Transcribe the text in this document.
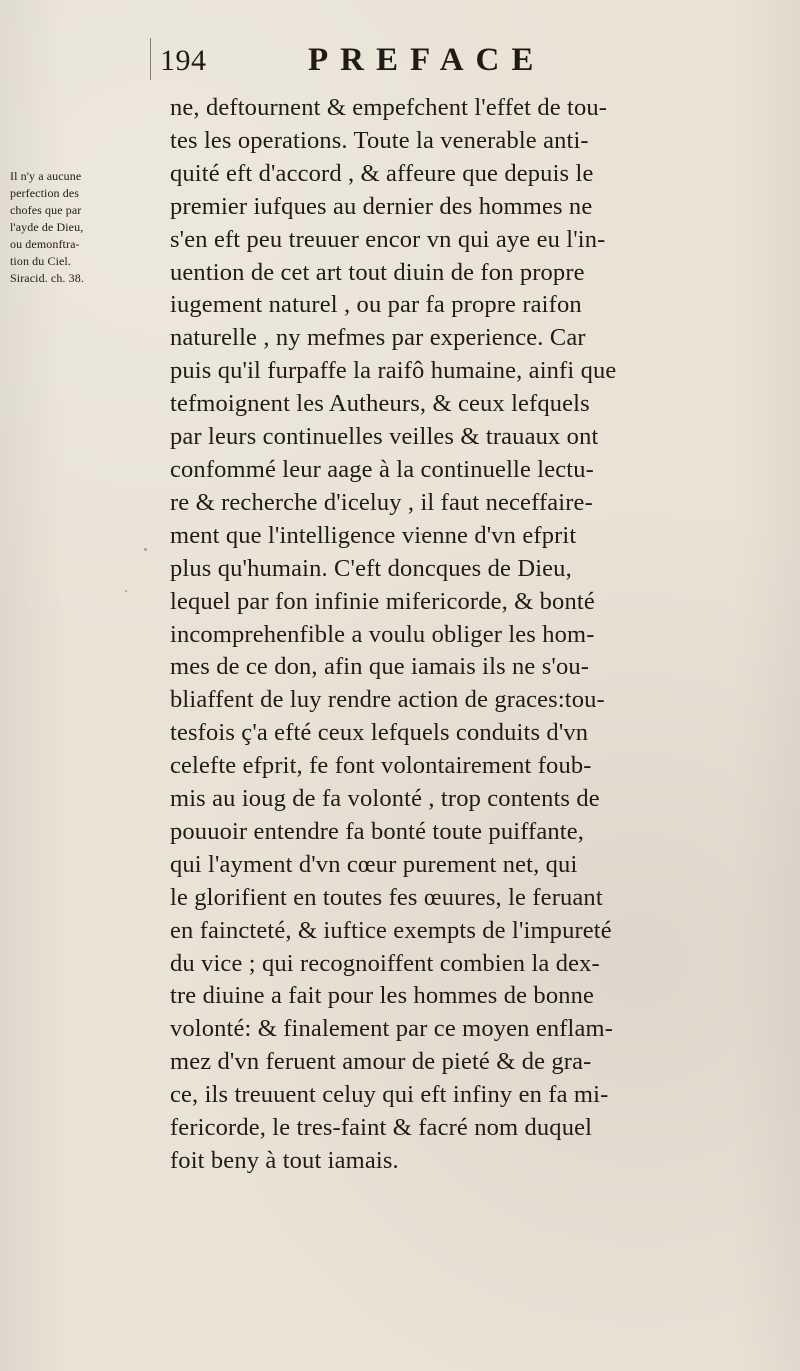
194	PREFACE
Il n'y a aucune
perfection des
chofes que par
l'ayde de Dieu,
ou demonftra-
tion du Ciel.
Siracid. ch. 38.
ne, deftournent & empefchent l'effet de tou-
tes les operations. Toute la venerable anti-
quité eft d'accord , & affeure que depuis le
premier iufques au dernier des hommes ne
s'en eft peu treuuer encor vn qui aye eu l'in-
uention de cet art tout diuin de fon propre
iugement naturel , ou par fa propre raifon
naturelle , ny mefmes par experience. Car
puis qu'il furpaffe la raifô humaine, ainfi que
tefmoignent les Autheurs, & ceux lefquels
par leurs continuelles veilles & trauaux ont
confommé leur aage à la continuelle lectu-
re & recherche d'iceluy , il faut neceffaire-
ment que l'intelligence vienne d'vn efprit
plus qu'humain. C'eft doncques de Dieu,
lequel par fon infinie mifericorde, & bonté
incomprehenfible a voulu obliger les hom-
mes de ce don, afin que iamais ils ne s'ou-
bliaffent de luy rendre action de graces:tou-
tesfois ç'a efté ceux lefquels conduits d'vn
celefte efprit, fe font volontairement foub-
mis au ioug de fa volonté , trop contents de
pouuoir entendre fa bonté toute puiffante,
qui l'ayment d'vn cœur purement net, qui
le glorifient en toutes fes œuures, le feruant
en faincteté, & iuftice exempts de l'impureté
du vice ; qui recognoiffent combien la dex-
tre diuine a fait pour les hommes de bonne
volonté: & finalement par ce moyen enflam-
mez d'vn feruent amour de pieté & de gra-
ce, ils treuuent celuy qui eft infiny en fa mi-
fericorde, le tres-faint & facré nom duquel
foit beny à tout iamais.
